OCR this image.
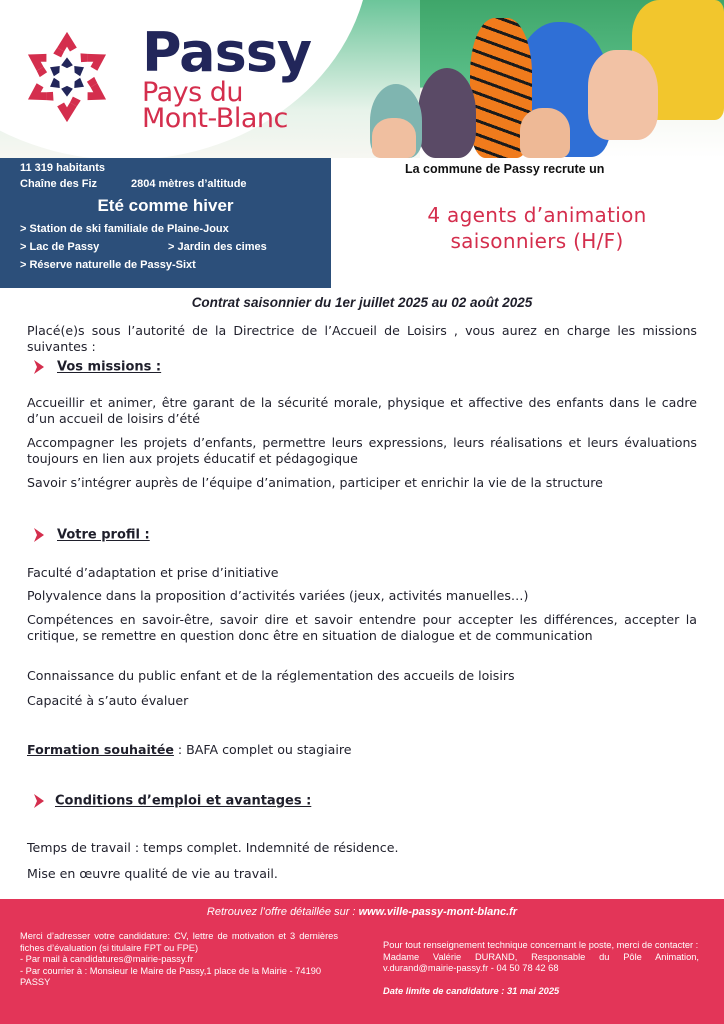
Passy
Pays du
Mont-Blanc
11 319 habitants
Chaîne des Fiz	2804 mètres d’altitude
Eté comme hiver
> Station de ski familiale de Plaine-Joux
> Lac de Passy	> Jardin des cimes
> Réserve naturelle de Passy-Sixt
La commune de Passy recrute un
4 agents d’animation
saisonniers (H/F)
Contrat saisonnier du 1er juillet 2025 au 02 août 2025
Placé(e)s sous l’autorité de la Directrice de l’Accueil de Loisirs , vous aurez en charge les missions suivantes :
Vos missions :
Accueillir et animer, être garant de la sécurité morale, physique et affective des enfants dans le cadre d’un accueil de loisirs d’été
Accompagner les projets d’enfants, permettre leurs expressions, leurs réalisations et leurs évaluations toujours en lien aux projets éducatif et pédagogique
Savoir s’intégrer auprès de l’équipe d’animation, participer et enrichir la vie de la structure
Votre profil :
Faculté d’adaptation et prise d’initiative
Polyvalence dans la proposition d’activités variées (jeux, activités manuelles…)
Compétences en savoir-être, savoir dire et savoir entendre pour accepter les différences, accepter la critique, se remettre en question donc être en situation de dialogue et de communication
Connaissance du public enfant et de la réglementation des accueils de loisirs
Capacité à s’auto évaluer
Formation souhaitée : BAFA complet ou stagiaire
Conditions d’emploi et avantages :
Temps de travail : temps complet. Indemnité de résidence.
Mise en œuvre qualité de vie au travail.
Retrouvez l’offre détaillée sur : www.ville-passy-mont-blanc.fr
Merci d’adresser votre candidature: CV, lettre de motivation et 3 dernières fiches d’évaluation (si titulaire FPT ou FPE)
- Par mail à candidatures@mairie-passy.fr
- Par courrier à : Monsieur le Maire de Passy,1 place de la Mairie - 74190 PASSY
Pour tout renseignement technique concernant le poste, merci de contacter :
Madame Valérie DURAND, Responsable du Pôle Animation, v.durand@mairie-passy.fr - 04 50 78 42 68
Date limite de candidature : 31 mai 2025
